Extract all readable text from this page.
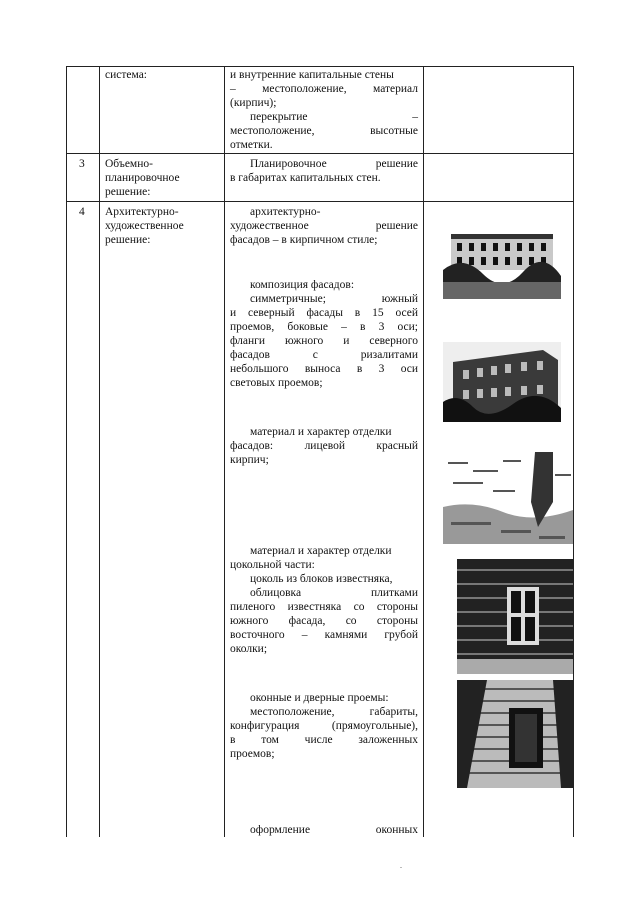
система:	и внутренние капитальные стены
– местоположение, материал
(кирпич);
перекрытие –
местоположение, высотные
отметки.
3 Объемно-
планировочное
решение:
Планировочное решение
в габаритах капитальных стен.
4 Архитектурно-
художественное
решение:
архитектурно-
художественное решение
фасадов – в кирпичном стиле;
композиция фасадов:
симметричные; южный
и северный фасады в 15 осей
проемов, боковые – в 3 оси;
фланги южного и северного
фасадов с ризалитами
небольшого выноса в 3 оси
световых проемов;
материал и характер отделки
фасадов: лицевой красный
кирпич;
материал и характер отделки
цокольной части:
цоколь из блоков известняка,
облицовка плитками
пиленого известняка со стороны
южного фасада, со стороны
восточного – камнями грубой
околки;
оконные и дверные проемы:
местоположение, габариты,
конфигурация (прямоугольные),
в том числе заложенных
проемов;
оформление оконных
